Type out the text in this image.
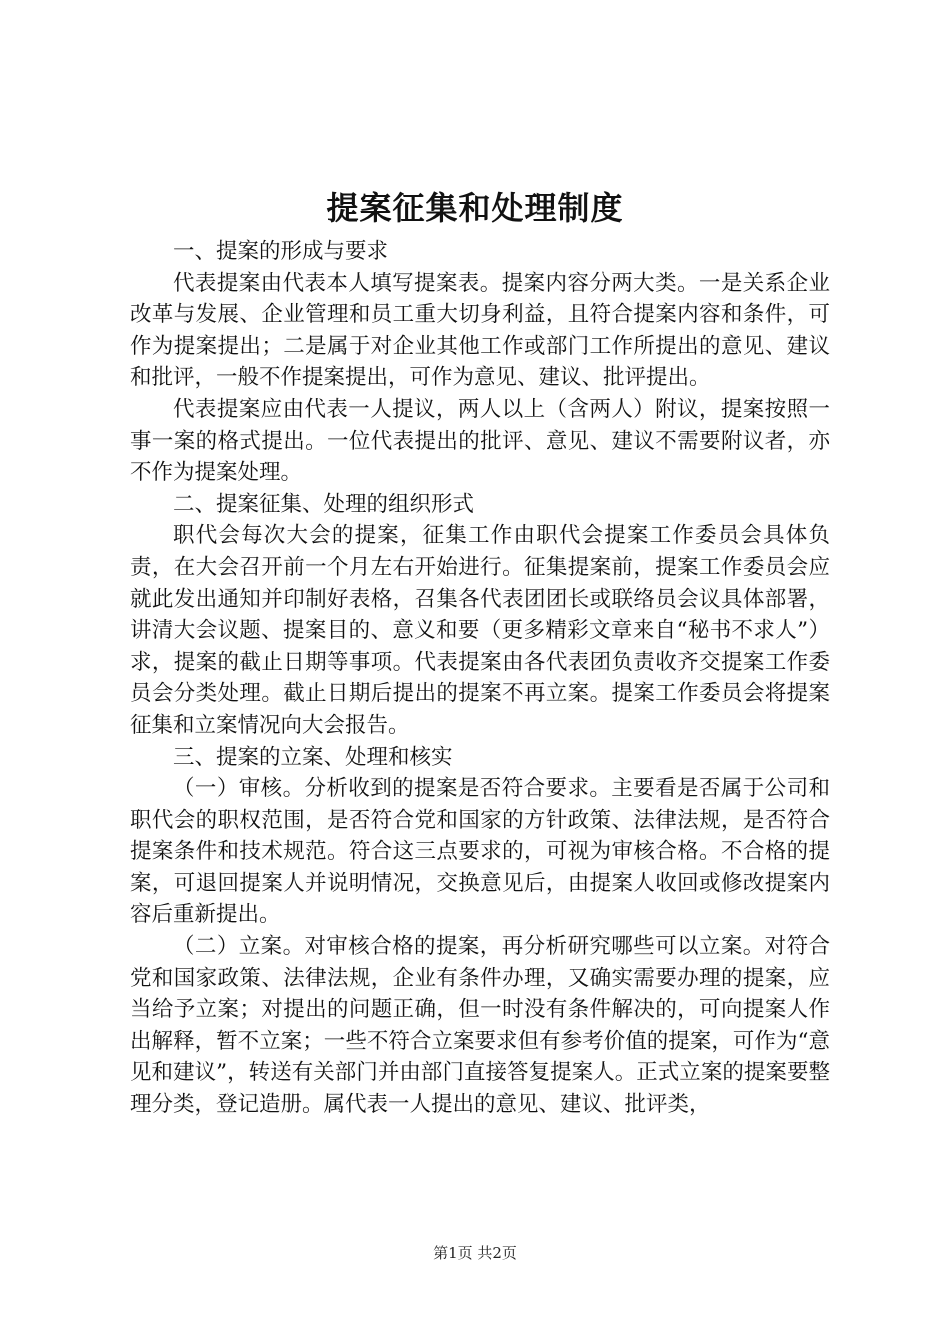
提案征集和处理制度

一、提案的形成与要求

代表提案由代表本人填写提案表。提案内容分两大类。一是关系企业改革与发展、企业管理和员工重大切身利益，且符合提案内容和条件，可作为提案提出；二是属于对企业其他工作或部门工作所提出的意见、建议和批评，一般不作提案提出，可作为意见、建议、批评提出。

代表提案应由代表一人提议，两人以上（含两人）附议，提案按照一事一案的格式提出。一位代表提出的批评、意见、建议不需要附议者，亦不作为提案处理。

二、提案征集、处理的组织形式

职代会每次大会的提案，征集工作由职代会提案工作委员会具体负责，在大会召开前一个月左右开始进行。征集提案前，提案工作委员会应就此发出通知并印制好表格，召集各代表团团长或联络员会议具体部署，讲清大会议题、提案目的、意义和要（更多精彩文章来自“秘书不求人”）求，提案的截止日期等事项。代表提案由各代表团负责收齐交提案工作委员会分类处理。截止日期后提出的提案不再立案。提案工作委员会将提案征集和立案情况向大会报告。

三、提案的立案、处理和核实

（一）审核。分析收到的提案是否符合要求。主要看是否属于公司和职代会的职权范围，是否符合党和国家的方针政策、法律法规，是否符合提案条件和技术规范。符合这三点要求的，可视为审核合格。不合格的提案，可退回提案人并说明情况，交换意见后，由提案人收回或修改提案内容后重新提出。

（二）立案。对审核合格的提案，再分析研究哪些可以立案。对符合党和国家政策、法律法规，企业有条件办理，又确实需要办理的提案，应当给予立案；对提出的问题正确，但一时没有条件解决的，可向提案人作出解释，暂不立案；一些不符合立案要求但有参考价值的提案，可作为“意见和建议”，转送有关部门并由部门直接答复提案人。正式立案的提案要整理分类，登记造册。属代表一人提出的意见、建议、批评类，

第1页 共2页
